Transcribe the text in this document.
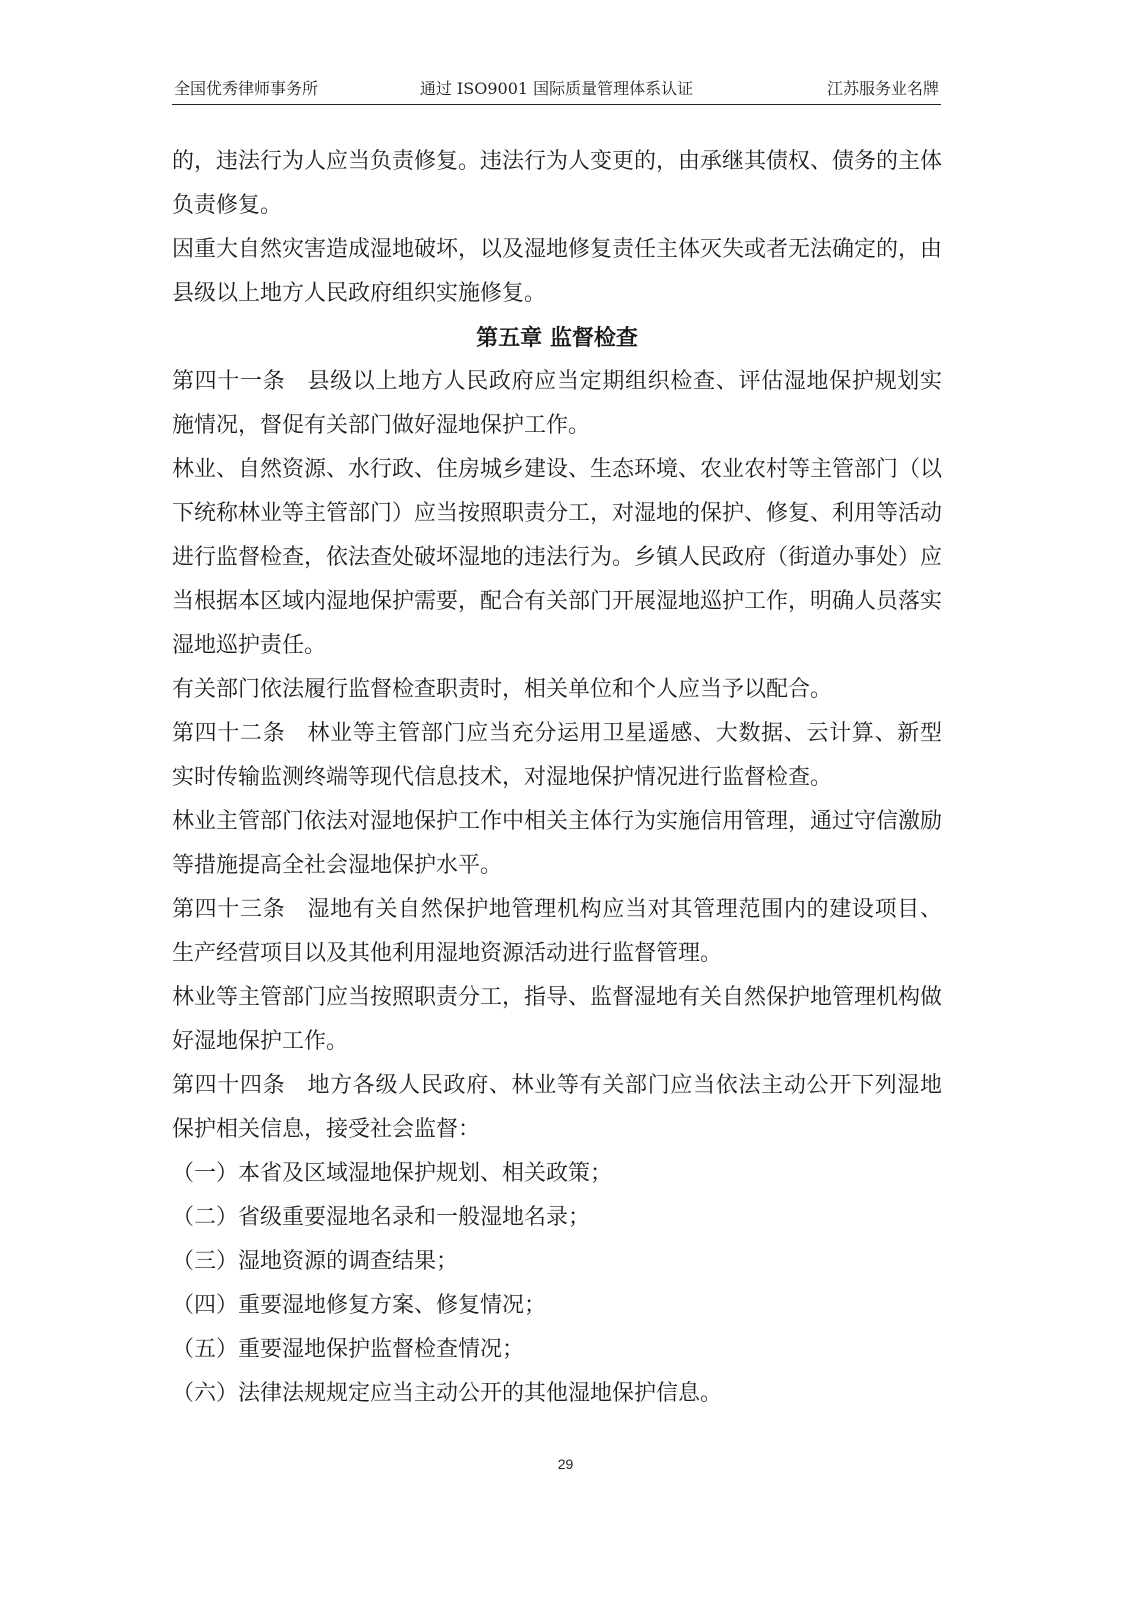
全国优秀律师事务所	通过 ISO9001 国际质量管理体系认证	江苏服务业名牌

的，违法行为人应当负责修复。违法行为人变更的，由承继其债权、债务的主体负责修复。

因重大自然灾害造成湿地破坏，以及湿地修复责任主体灭失或者无法确定的，由县级以上地方人民政府组织实施修复。

第五章 监督检查

第四十一条 县级以上地方人民政府应当定期组织检查、评估湿地保护规划实施情况，督促有关部门做好湿地保护工作。

林业、自然资源、水行政、住房城乡建设、生态环境、农业农村等主管部门（以下统称林业等主管部门）应当按照职责分工，对湿地的保护、修复、利用等活动进行监督检查，依法查处破坏湿地的违法行为。乡镇人民政府（街道办事处）应当根据本区域内湿地保护需要，配合有关部门开展湿地巡护工作，明确人员落实湿地巡护责任。

有关部门依法履行监督检查职责时，相关单位和个人应当予以配合。

第四十二条 林业等主管部门应当充分运用卫星遥感、大数据、云计算、新型实时传输监测终端等现代信息技术，对湿地保护情况进行监督检查。

林业主管部门依法对湿地保护工作中相关主体行为实施信用管理，通过守信激励等措施提高全社会湿地保护水平。

第四十三条 湿地有关自然保护地管理机构应当对其管理范围内的建设项目、生产经营项目以及其他利用湿地资源活动进行监督管理。

林业等主管部门应当按照职责分工，指导、监督湿地有关自然保护地管理机构做好湿地保护工作。

第四十四条 地方各级人民政府、林业等有关部门应当依法主动公开下列湿地保护相关信息，接受社会监督：

（一）本省及区域湿地保护规划、相关政策；

（二）省级重要湿地名录和一般湿地名录；

（三）湿地资源的调查结果；

（四）重要湿地修复方案、修复情况；

（五）重要湿地保护监督检查情况；

（六）法律法规规定应当主动公开的其他湿地保护信息。

29
